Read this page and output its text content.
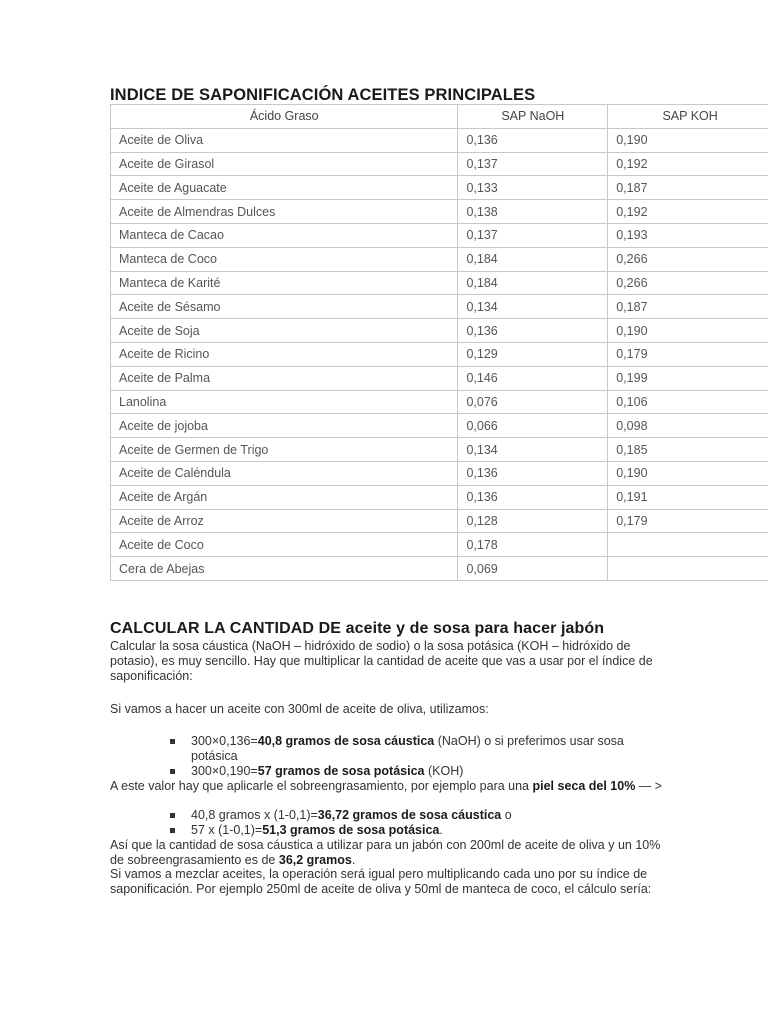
INDICE DE SAPONIFICACIÓN ACEITES PRINCIPALES
Ácido Graso	SAP NaOH	SAP KOH
Aceite de Oliva	0,136	0,190
Aceite de Girasol	0,137	0,192
Aceite de Aguacate	0,133	0,187
Aceite de Almendras Dulces	0,138	0,192
Manteca de Cacao	0,137	0,193
Manteca de Coco	0,184	0,266
Manteca de Karité	0,184	0,266
Aceite de Sésamo	0,134	0,187
Aceite de Soja	0,136	0,190
Aceite de Ricino	0,129	0,179
Aceite de Palma	0,146	0,199
Lanolina	0,076	0,106
Aceite de jojoba	0,066	0,098
Aceite de Germen de Trigo	0,134	0,185
Aceite de Caléndula	0,136	0,190
Aceite de Argán	0,136	0,191
Aceite de Arroz	0,128	0,179
Aceite de Coco	0,178	
Cera de Abejas	0,069	
CALCULAR LA CANTIDAD DE aceite y de sosa para hacer jabón
Calcular la sosa cáustica (NaOH – hidróxido de sodio) o la sosa potásica (KOH – hidróxido de potasio), es muy sencillo. Hay que multiplicar la cantidad de aceite que vas a usar por el índice de saponificación:
Si vamos a hacer un aceite con 300ml de aceite de oliva, utilizamos:
300×0,136=40,8 gramos de sosa cáustica (NaOH) o si preferimos usar sosa potásica
300×0,190=57 gramos de sosa potásica (KOH)
A este valor hay que aplicarle el sobreengrasamiento, por ejemplo para una piel seca del 10% — >
40,8 gramos x (1-0,1)=36,72 gramos de sosa cáustica o
57 x (1-0,1)=51,3 gramos de sosa potásica.
Así que la cantidad de sosa cáustica a utilizar para un jabón con 200ml de aceite de oliva y un 10% de sobreengrasamiento es de 36,2 gramos.
Si vamos a mezclar aceites, la operación será igual pero multiplicando cada uno por su índice de saponificación. Por ejemplo 250ml de aceite de oliva y 50ml de manteca de coco, el cálculo sería:
